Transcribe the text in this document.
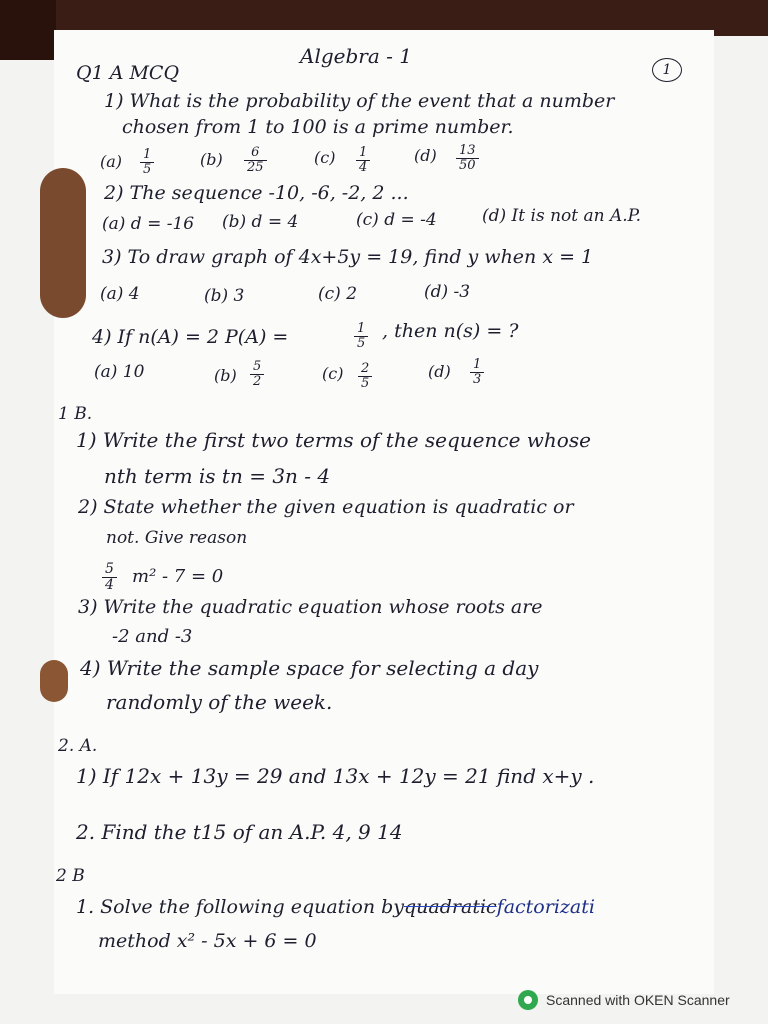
Algebra - 1
1
Q1 A MCQ
1) What is the probability of the event that a number
chosen from 1 to 100 is a prime number.
$(a) \frac{1}{5}$	$(b) \frac{6}{25}$	$(c) \frac{1}{4}$	$(d) \frac{13}{50}$
2) The sequence -10, -6, -2, 2 ...
(a) d = -16 (b) d = 4	(c) d = -4	(d) It is not an A.P.
3) To draw graph of 4x+5y = 19, find y when x = 1
(a) 4	(b) 3	(c) 2	(d) -3
4) If n(A) = 2 P(A) =	$\frac{1}{5}$ , then n(s) = ?
(a) 10	$(b) \frac{5}{2}$	$(c) \frac{2}{5}$	$(d) \frac{1}{3}$
1 B.
1) Write the first two terms of the sequence whose
nth term is tn = 3n - 4
2) State whether the given equation is quadratic or
not. Give reason
$\frac{5}{4} m^2 - 7 = 0$
3) Write the quadratic equation whose roots are
-2 and -3
4) Write the sample space for selecting a day
randomly of the week.
2. A.
1) If 12x + 13y = 29 and 13x + 12y = 21 find x+y .
2. Find the t15 of an A.P. 4, 9 14
2 B
1. Solve the following equation byquadraticfactorizati
method x² - 5x + 6 = 0
Scanned with OKEN Scanner
